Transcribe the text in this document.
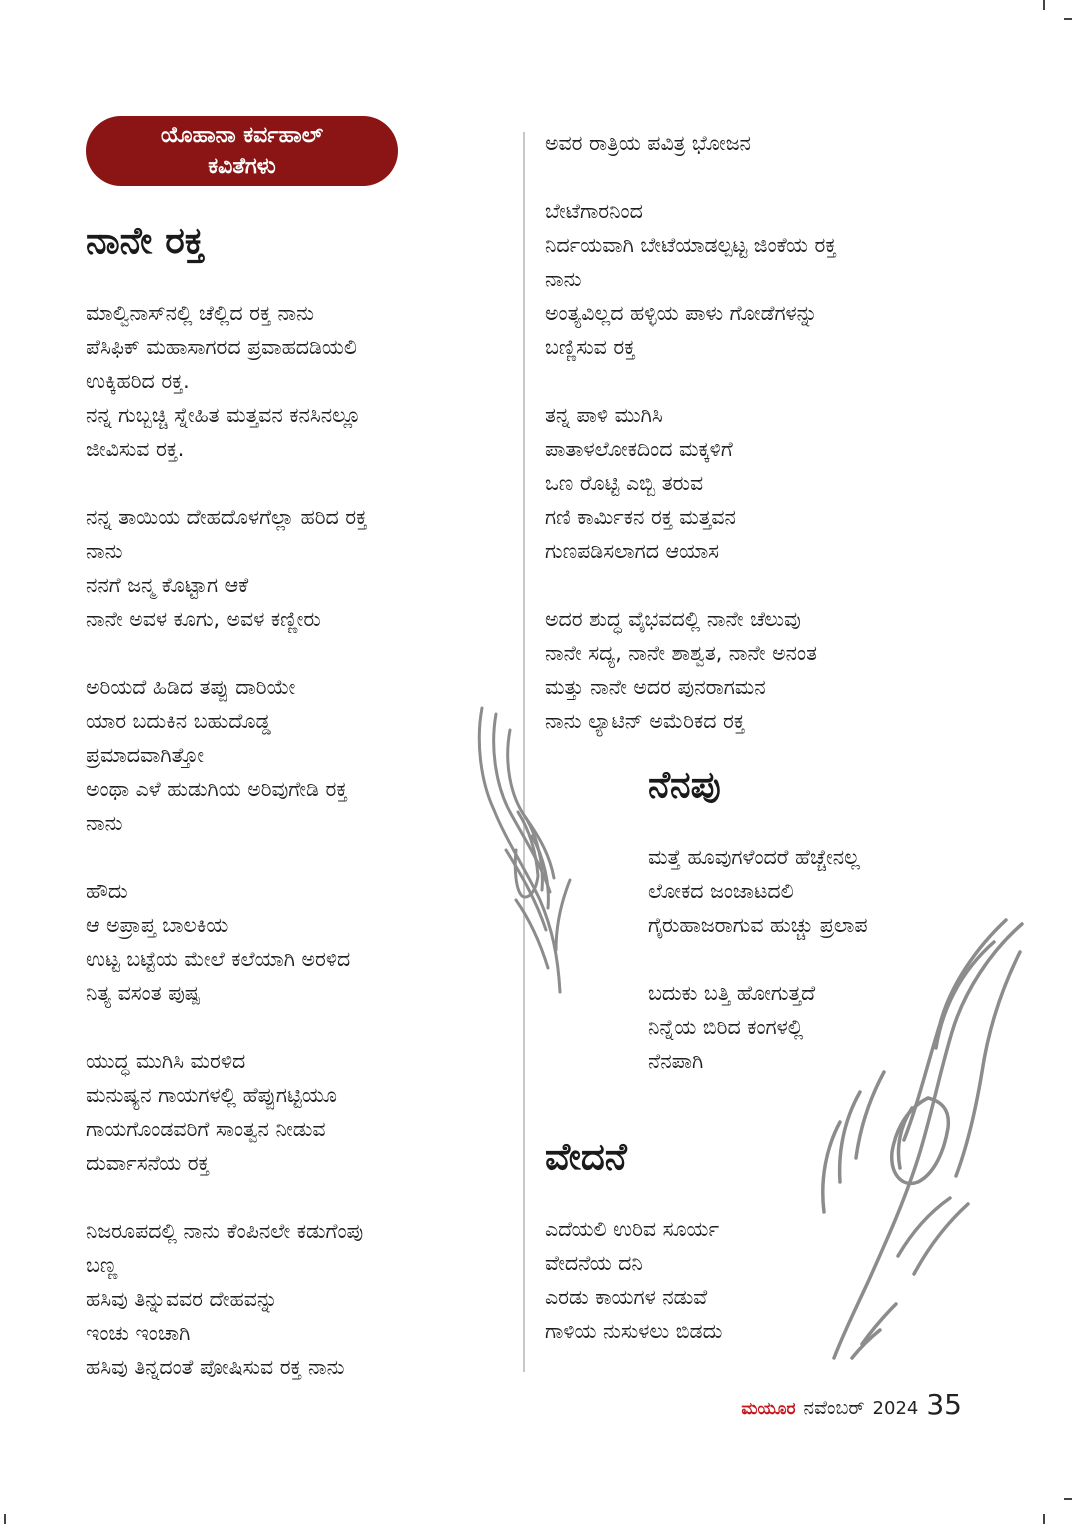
ಯೊಹಾನಾ ಕರ್ವಹಾಲ್
ಕವಿತೆಗಳು
ನಾನೇ ರಕ್ತ
ಮಾಲ್ವಿನಾಸ್‌ನಲ್ಲಿ ಚೆಲ್ಲಿದ ರಕ್ತ ನಾನು
ಪೆಸಿಫಿಕ್ ಮಹಾಸಾಗರದ ಪ್ರವಾಹದಡಿಯಲಿ
ಉಕ್ಕಿಹರಿದ ರಕ್ತ.
ನನ್ನ ಗುಬ್ಬಚ್ಚಿ ಸ್ನೇಹಿತ ಮತ್ತವನ ಕನಸಿನಲ್ಲೂ
ಜೀವಿಸುವ ರಕ್ತ.
ನನ್ನ ತಾಯಿಯ ದೇಹದೊಳಗೆಲ್ಲಾ ಹರಿದ ರಕ್ತ
ನಾನು
ನನಗೆ ಜನ್ಮ ಕೊಟ್ಟಾಗ ಆಕೆ
ನಾನೇ ಅವಳ ಕೂಗು, ಅವಳ ಕಣ್ಣೀರು
ಅರಿಯದೆ ಹಿಡಿದ ತಪ್ಪು ದಾರಿಯೇ
ಯಾರ ಬದುಕಿನ ಬಹುದೊಡ್ಡ
ಪ್ರಮಾದವಾಗಿತ್ತೋ
ಅಂಥಾ ಎಳೆ ಹುಡುಗಿಯ ಅರಿವುಗೇಡಿ ರಕ್ತ
ನಾನು
ಹೌದು
ಆ ಅಪ್ರಾಪ್ತ ಬಾಲಕಿಯ
ಉಟ್ಟ ಬಟ್ಟೆಯ ಮೇಲೆ ಕಲೆಯಾಗಿ ಅರಳಿದ
ನಿತ್ಯ ವಸಂತ ಪುಷ್ಪ
ಯುದ್ಧ ಮುಗಿಸಿ ಮರಳಿದ
ಮನುಷ್ಯನ ಗಾಯಗಳಲ್ಲಿ ಹೆಪ್ಪುಗಟ್ಟಿಯೂ
ಗಾಯಗೊಂಡವರಿಗೆ ಸಾಂತ್ವನ ನೀಡುವ
ದುರ್ವಾಸನೆಯ ರಕ್ತ
ನಿಜರೂಪದಲ್ಲಿ ನಾನು ಕೆಂಪಿನಲೇ ಕಡುಗೆಂಪು
ಬಣ್ಣ
ಹಸಿವು ತಿನ್ನುವವರ ದೇಹವನ್ನು
ಇಂಚು ಇಂಚಾಗಿ
ಹಸಿವು ತಿನ್ನದಂತೆ ಪೋಷಿಸುವ ರಕ್ತ ನಾನು
ಅವರ ರಾತ್ರಿಯ ಪವಿತ್ರ ಭೋಜನ
ಬೇಟೆಗಾರನಿಂದ
ನಿರ್ದಯವಾಗಿ ಬೇಟೆಯಾಡಲ್ಪಟ್ಟ ಜಿಂಕೆಯ ರಕ್ತ
ನಾನು
ಅಂತ್ಯವಿಲ್ಲದ ಹಳ್ಳಿಯ ಪಾಳು ಗೋಡೆಗಳನ್ನು
ಬಣ್ಣಿಸುವ ರಕ್ತ
ತನ್ನ ಪಾಳಿ ಮುಗಿಸಿ
ಪಾತಾಳಲೋಕದಿಂದ ಮಕ್ಕಳಿಗೆ
ಒಣ ರೊಟ್ಟಿ ಎಬ್ಬಿ ತರುವ
ಗಣಿ ಕಾರ್ಮಿಕನ ರಕ್ತ ಮತ್ತವನ
ಗುಣಪಡಿಸಲಾಗದ ಆಯಾಸ
ಅದರ ಶುದ್ಧ ವೈಭವದಲ್ಲಿ ನಾನೇ ಚೆಲುವು
ನಾನೇ ಸದ್ಯ, ನಾನೇ ಶಾಶ್ವತ, ನಾನೇ ಅನಂತ
ಮತ್ತು ನಾನೇ ಅದರ ಪುನರಾಗಮನ
ನಾನು ಲ್ಯಾಟಿನ್ ಅಮೆರಿಕದ ರಕ್ತ
ನೆನಪು
ಮತ್ತೆ ಹೂವುಗಳೆಂದರೆ ಹೆಚ್ಚೇನಲ್ಲ
ಲೋಕದ ಜಂಜಾಟದಲಿ
ಗೈರುಹಾಜರಾಗುವ ಹುಚ್ಚು ಪ್ರಲಾಪ
ಬದುಕು ಬತ್ತಿ ಹೋಗುತ್ತದೆ
ನಿನ್ನೆಯ ಬಿರಿದ ಕಂಗಳಲ್ಲಿ
ನೆನಪಾಗಿ
ವೇದನೆ
ಎದೆಯಲಿ ಉರಿವ ಸೂರ್ಯ
ವೇದನೆಯ ದನಿ
ಎರಡು ಕಾಯಗಳ ನಡುವೆ
ಗಾಳಿಯ ನುಸುಳಲು ಬಿಡದು
ಮಯೂರ ನವೆಂಬರ್ 2024 35
